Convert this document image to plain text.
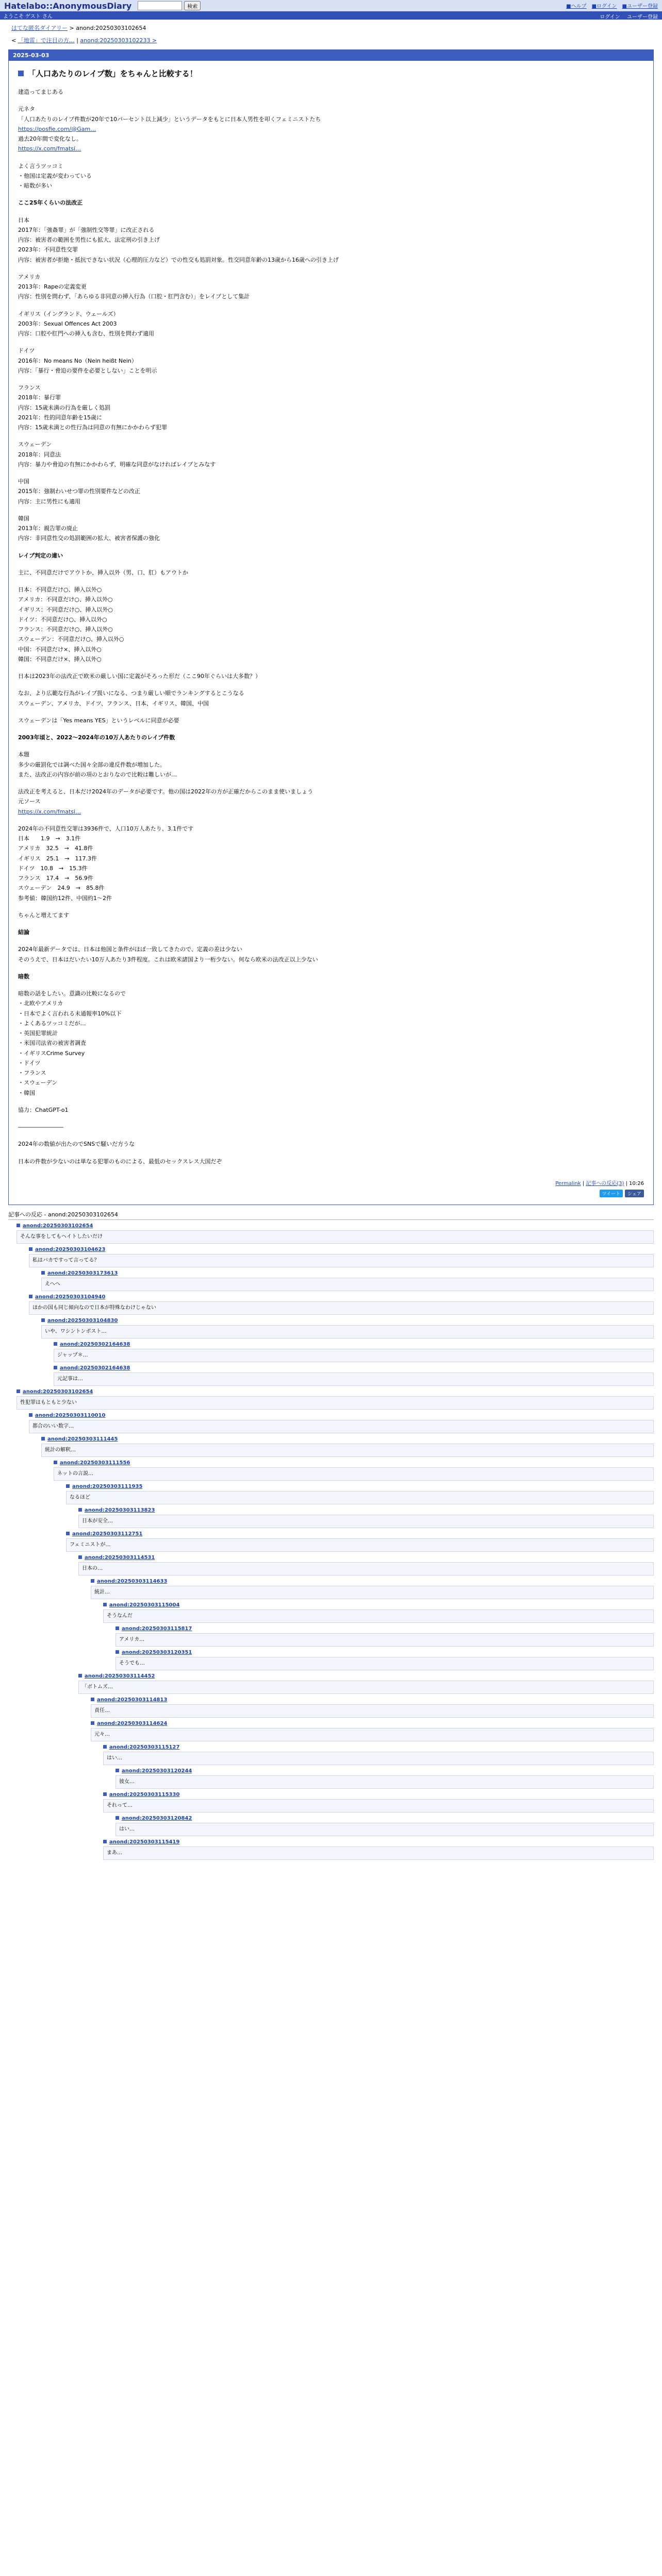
Hatelabo::AnonymousDiary	検索	■ヘルプ ■ログイン ■ユーザー登録
ようこそ ゲスト さん	ログイン ユーザー登録
はてな匿名ダイアリー > anond:20250303102654
< 「地雷」で注目の方… | anond:20250303102233 >
2025-03-03
「人口あたりのレイプ数」をちゃんと比較する！

建造ってまじある

元ネタ
「人口あたりのレイプ件数が20年で10パーセント以上減少」というデータをもとに日本人男性を叩くフェミニストたち
https://posfie.com/@Gam…
過去20年間で変化なし。
https://x.com/fmatsi…

よく言うツッコミ
・他国は定義が変わっている
・暗数が多い

ここ25年くらいの法改正

日本
2017年：「強姦罪」が「強制性交等罪」に改正される
内容：被害者の範囲を男性にも拡大、法定刑の引き上げ
2023年：不同意性交罪
内容：被害者が拒絶・抵抗できない状況（心理的圧力など）での性交も処罰対象。性交同意年齢の13歳から16歳への引き上げ

アメリカ
2013年：Rapeの定義変更
内容：性別を問わず、「あらゆる非同意の挿入行為（口腔・肛門含む）」をレイプとして集計

イギリス（イングランド、ウェールズ）
2003年：Sexual Offences Act 2003
内容：口腔や肛門への挿入も含む、性別を問わず適用

ドイツ
2016年：No means No（Nein heißt Nein）
内容：「暴行・脅迫の要件を必要としない」ことを明示

フランス
2018年：暴行罪
内容：15歳未満の行為を厳しく処罰
2021年：性的同意年齢を15歳に
内容：15歳未満との性行為は同意の有無にかかわらず犯罪

スウェーデン
2018年：同意法
内容：暴力や脅迫の有無にかかわらず、明確な同意がなければレイプとみなす

中国
2015年：強制わいせつ罪の性別要件などの改正
内容：主に男性にも適用

韓国
2013年：親告罪の廃止
内容：非同意性交の処罰範囲の拡大、被害者保護の強化

レイプ判定の違い

主に、不同意だけでアウトか、挿入以外（男、口、肛）もアウトか

日本：不同意だけ○、挿入以外○
アメリカ：不同意だけ○、挿入以外○
イギリス：不同意だけ○、挿入以外○
ドイツ：不同意だけ○、挿入以外○
フランス：不同意だけ○、挿入以外○
スウェーデン：不同意だけ○、挿入以外○
中国：不同意だけ×、挿入以外○
韓国：不同意だけ×、挿入以外○

日本は2023年の法改正で欧米の厳しい国に定義がそろった形だ（ここ90年ぐらいは大多数？）

なお、より広範な行為がレイプ扱いになる、つまり厳しい順でランキングするとこうなる
スウェーデン、アメリカ、ドイツ、フランス、日本、イギリス、韓国、中国

スウェーデンは「Yes means YES」というレベルに同意が必要

2003年頃と、2022〜2024年の10万人あたりのレイプ件数

本題
多少の厳罰化では調べた国々全部の違反件数が増加した。
また、法改正の内容が前の項のとおりなので比較は難しいが…

法改正を考えると、日本だけ2024年のデータが必要です。他の国は2022年の方が正確だからこのまま使いましょう
元ソース
https://x.com/fmatsi…

2024年の不同意性交罪は3936件で、人口10万人あたり、3.1件です
日本　　1.9　→　3.1件
アメリカ　32.5　→　41.8件
イギリス　25.1　→　117.3件
ドイツ　10.8　→　15.3件
フランス　17.4　→　56.9件
スウェーデン　24.9　→　85.8件
参考値：韓国約12件、中国約1〜2件

ちゃんと増えてます

結論

2024年最新データでは、日本は他国と条件がほぼ一致してきたので、定義の差は少ない
そのうえで、日本はだいたい10万人あたり3件程度。これは欧米諸国より一桁少ない。何なら欧米の法改正以上少ない

暗数

暗数の話をしたい。意識の比較になるので
・北欧やアメリカ
・日本でよく言われる未通報率10%以下
・よくあるツッコミだが…
・英国犯罪統計
・米国司法省の被害者調査
・イギリスCrime Survey
・ドイツ
・フランス
・スウェーデン
・韓国

協力：ChatGPT-o1

――――――――

2024年の数値が出たのでSNSで騒いだ方うな

日本の件数が少ないのは単なる犯罪のものによる、最低のセックスレス大国だぞ

Permalink | 記事への反応(3) | 10:26
ツイート	シェア
記事への反応 - anond:20250303102654
anond:20250303102654
そんな事をしてもヘイトしたいだけ
anond:20250303104623
私はバカですって言ってる？
anond:20250303173613
えへへ
anond:20250303104940
ほかの国も同じ傾向なので日本が特殊なわけじゃない
anond:20250303104830
いや、ワシントンポスト…
anond:20250302164638
ジャップ＊…
anond:20250302164638
元記事は…
anond:20250303102654
性犯罪はもともと少ない
anond:20250303110010
都合のいい数字…
anond:20250303111445
統計の解釈…
anond:20250303111556
ネットの言説…
anond:20250303111935
なるほど
anond:20250303113823
日本が安全…
anond:20250303112751
フェミニストが…
anond:20250303114531
日本の…
anond:20250303114633
統計…
anond:20250303115004
そうなんだ
anond:20250303115817
アメリカ…
anond:20250303120351
そうでも…
anond:20250303114452
「ボトムズ…
anond:20250303114813
責任…
anond:20250303114624
元々…
anond:20250303115127
はい…
anond:20250303120244
彼女…
anond:20250303115330
それって…
anond:20250303120842
はい…
anond:20250303115419
まあ…
